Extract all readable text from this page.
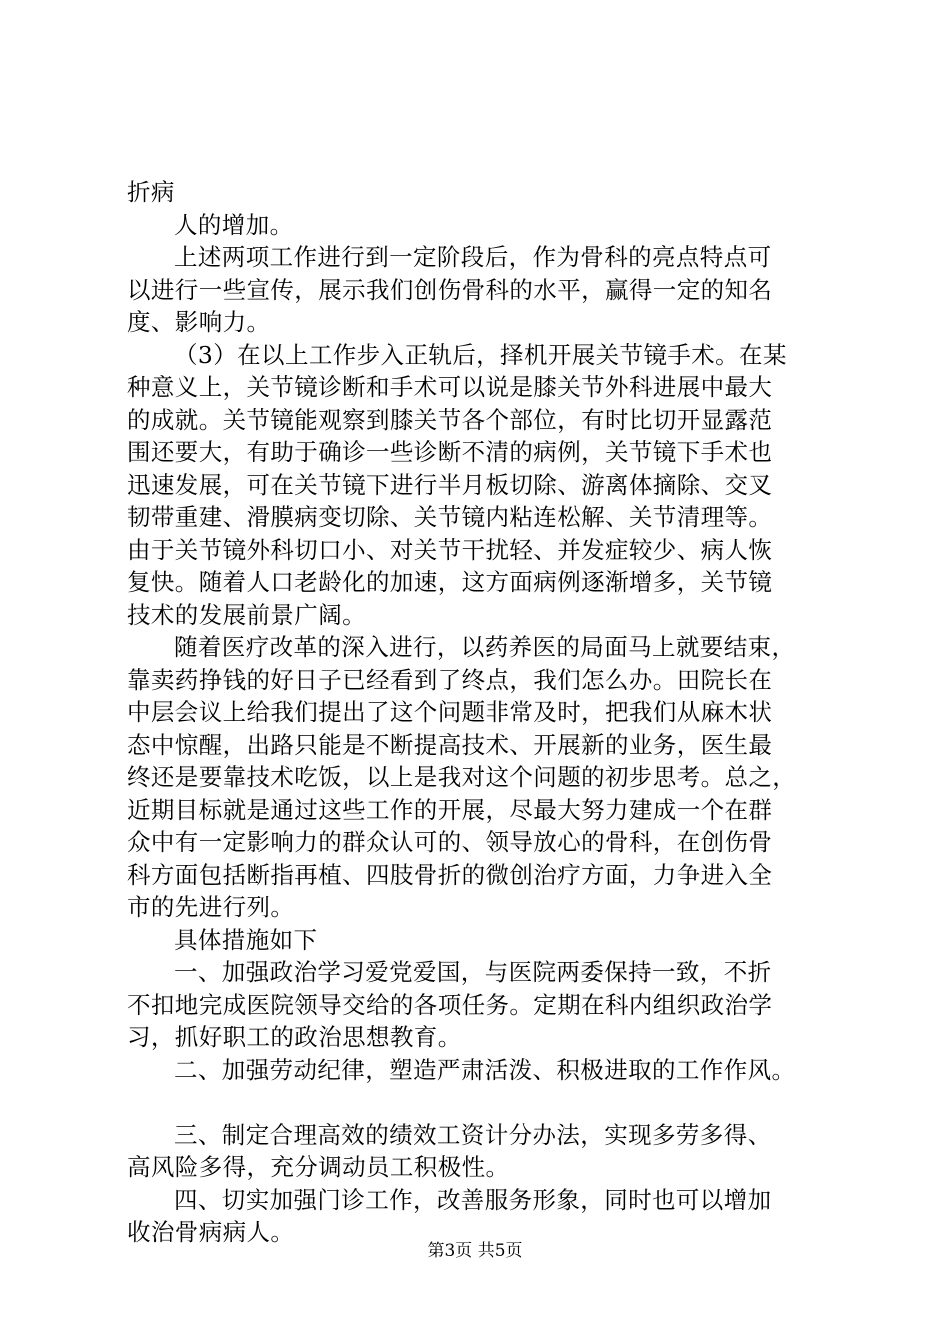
折病
人的增加。
上述两项工作进行到一定阶段后，作为骨科的亮点特点可
以进行一些宣传，展示我们创伤骨科的水平，赢得一定的知名
度、影响力。
（3）在以上工作步入正轨后，择机开展关节镜手术。在某
种意义上，关节镜诊断和手术可以说是膝关节外科进展中最大
的成就。关节镜能观察到膝关节各个部位，有时比切开显露范
围还要大，有助于确诊一些诊断不清的病例，关节镜下手术也
迅速发展，可在关节镜下进行半月板切除、游离体摘除、交叉
韧带重建、滑膜病变切除、关节镜内粘连松解、关节清理等。
由于关节镜外科切口小、对关节干扰轻、并发症较少、病人恢
复快。随着人口老龄化的加速，这方面病例逐渐增多，关节镜
技术的发展前景广阔。
随着医疗改革的深入进行，以药养医的局面马上就要结束，
靠卖药挣钱的好日子已经看到了终点，我们怎么办。田院长在
中层会议上给我们提出了这个问题非常及时，把我们从麻木状
态中惊醒，出路只能是不断提高技术、开展新的业务，医生最
终还是要靠技术吃饭，以上是我对这个问题的初步思考。总之，
近期目标就是通过这些工作的开展，尽最大努力建成一个在群
众中有一定影响力的群众认可的、领导放心的骨科，在创伤骨
科方面包括断指再植、四肢骨折的微创治疗方面，力争进入全
市的先进行列。
具体措施如下
一、加强政治学习爱党爱国，与医院两委保持一致，不折
不扣地完成医院领导交给的各项任务。定期在科内组织政治学
习，抓好职工的政治思想教育。
二、加强劳动纪律，塑造严肃活泼、积极进取的工作作风。
三、制定合理高效的绩效工资计分办法，实现多劳多得、
高风险多得，充分调动员工积极性。
四、切实加强门诊工作，改善服务形象，同时也可以增加
收治骨病病人。
第3页 共5页
